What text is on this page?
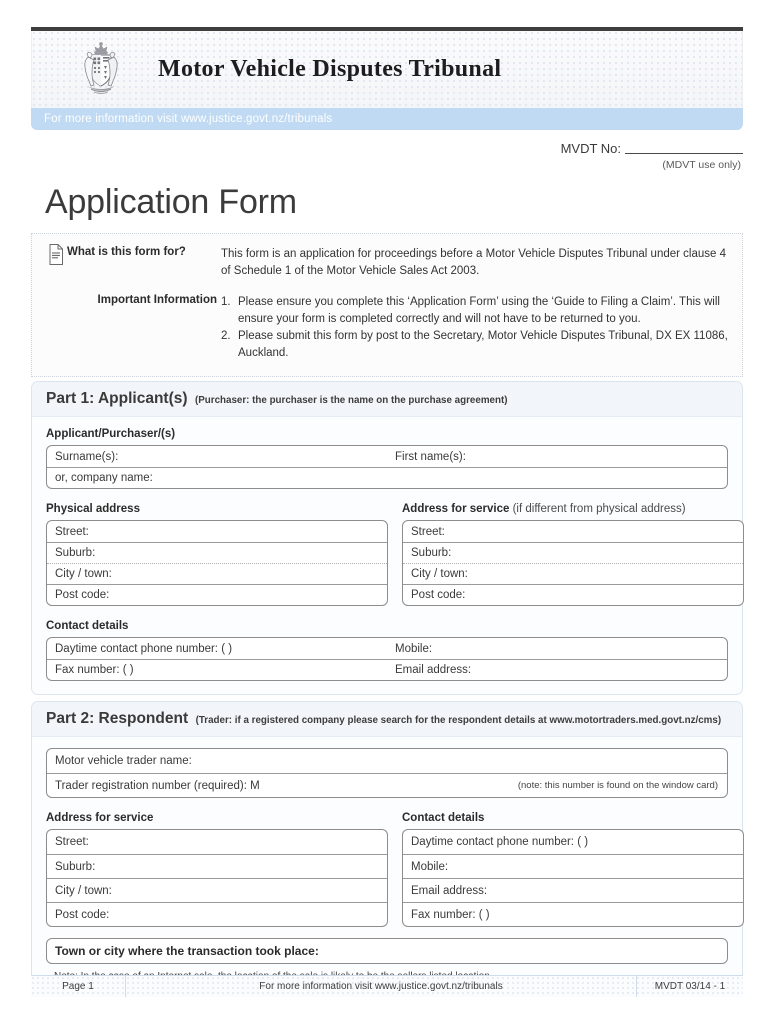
Motor Vehicle Disputes Tribunal
For more information visit www.justice.govt.nz/tribunals
MVDT No:
(MDVT use only)
Application Form
What is this form for?	This form is an application for proceedings before a Motor Vehicle Disputes Tribunal under clause 4 of Schedule 1 of the Motor Vehicle Sales Act 2003.

Important Information 1. Please ensure you complete this ‘Application Form’ using the ‘Guide to Filing a Claim’. This will ensure your form is completed correctly and will not have to be returned to you.
2. Please submit this form by post to the Secretary, Motor Vehicle Disputes Tribunal, DX EX 11086, Auckland.
Part 1: Applicant(s) (Purchaser: the purchaser is the name on the purchase agreement)
Applicant/Purchaser/(s)
Surname(s):	First name(s):
or, company name:
Physical address
Street:
Suburb:
City / town:
Post code:
Address for service (if different from physical address)
Street:
Suburb:
City / town:
Post code:
Contact details
Daytime contact phone number: ( )	Mobile:
Fax number: ( )	Email address:
Part 2: Respondent (Trader: if a registered company please search for the respondent details at www.motortraders.med.govt.nz/cms)
Motor vehicle trader name:
Trader registration number (required): M	(note: this number is found on the window card)
Address for service
Street:
Suburb:
City / town:
Post code:
Contact details
Daytime contact phone number: ( )
Mobile:
Email address:
Fax number: ( )
Town or city where the transaction took place:
Page 1	For more information visit www.justice.govt.nz/tribunals	MVDT 03/14 - 1
